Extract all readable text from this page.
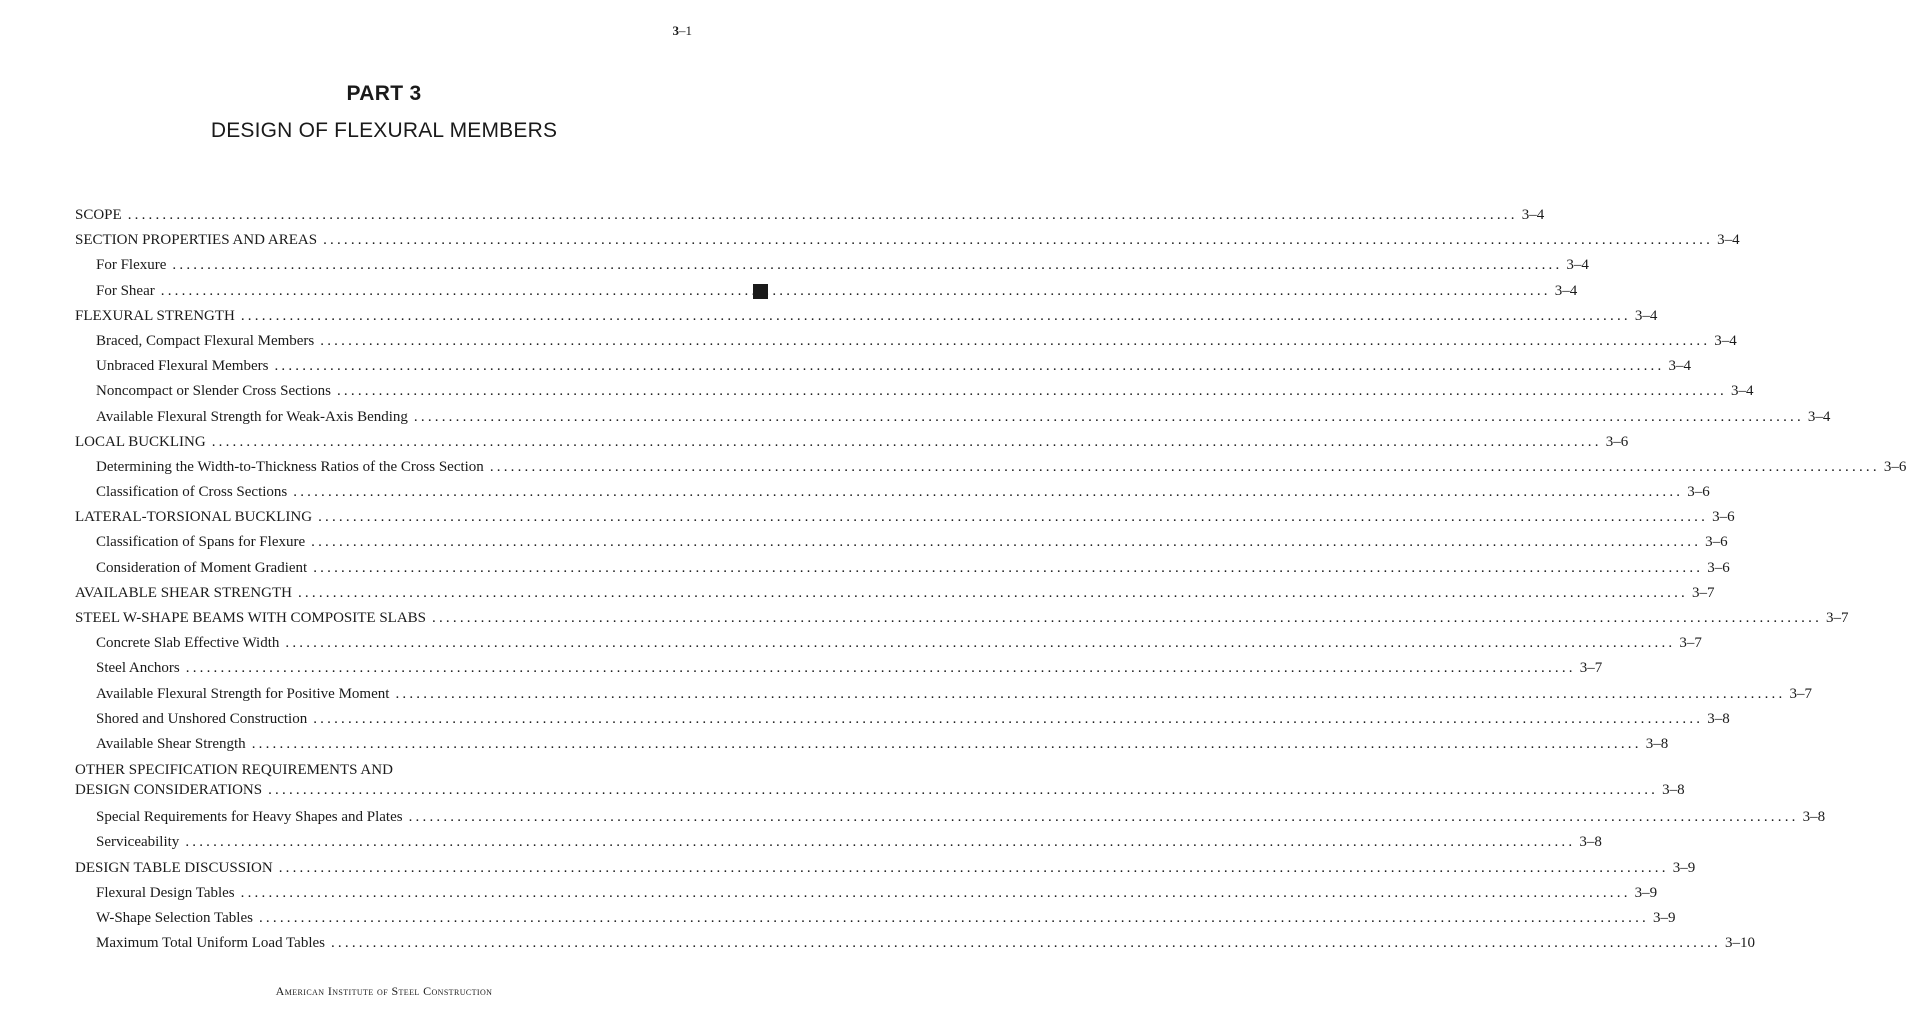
3–1
PART 3
DESIGN OF FLEXURAL MEMBERS
SCOPE ........................................................................................................................................................................................................ 3–4
SECTION PROPERTIES AND AREAS ........................................................................................................................................................................................................ 3–4
For Flexure ........................................................................................................................................................................................................ 3–4
For Shear ........................................................................................................................................................................................................ 3–4
FLEXURAL STRENGTH ........................................................................................................................................................................................................ 3–4
Braced, Compact Flexural Members ........................................................................................................................................................................................................ 3–4
Unbraced Flexural Members ........................................................................................................................................................................................................ 3–4
Noncompact or Slender Cross Sections ........................................................................................................................................................................................................ 3–4
Available Flexural Strength for Weak-Axis Bending ........................................................................................................................................................................................................ 3–4
LOCAL BUCKLING ........................................................................................................................................................................................................ 3–6
Determining the Width-to-Thickness Ratios of the Cross Section ........................................................................................................................................................................................................ 3–6
Classification of Cross Sections ........................................................................................................................................................................................................ 3–6
LATERAL-TORSIONAL BUCKLING ........................................................................................................................................................................................................ 3–6
Classification of Spans for Flexure ........................................................................................................................................................................................................ 3–6
Consideration of Moment Gradient ........................................................................................................................................................................................................ 3–6
AVAILABLE SHEAR STRENGTH ........................................................................................................................................................................................................ 3–7
STEEL W-SHAPE BEAMS WITH COMPOSITE SLABS ........................................................................................................................................................................................................ 3–7
Concrete Slab Effective Width ........................................................................................................................................................................................................ 3–7
Steel Anchors ........................................................................................................................................................................................................ 3–7
Available Flexural Strength for Positive Moment ........................................................................................................................................................................................................ 3–7
Shored and Unshored Construction ........................................................................................................................................................................................................ 3–8
Available Shear Strength ........................................................................................................................................................................................................ 3–8
OTHER SPECIFICATION REQUIREMENTS AND
DESIGN CONSIDERATIONS ........................................................................................................................................................................................................ 3–8
Special Requirements for Heavy Shapes and Plates ........................................................................................................................................................................................................ 3–8
Serviceability ........................................................................................................................................................................................................ 3–8
DESIGN TABLE DISCUSSION ........................................................................................................................................................................................................ 3–9
Flexural Design Tables ........................................................................................................................................................................................................ 3–9
W-Shape Selection Tables ........................................................................................................................................................................................................ 3–9
Maximum Total Uniform Load Tables ........................................................................................................................................................................................................ 3–10
American Institute of Steel Construction
